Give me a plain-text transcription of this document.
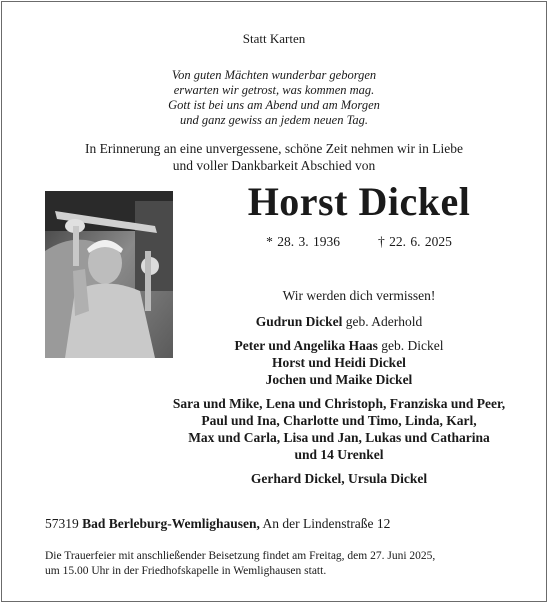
Statt Karten
Von guten Mächten wunderbar geborgen
erwarten wir getrost, was kommen mag.
Gott ist bei uns am Abend und am Morgen
und ganz gewiss an jedem neuen Tag.
In Erinnerung an eine unvergessene, schöne Zeit nehmen wir in Liebe
und voller Dankbarkeit Abschied von
Horst Dickel
* 28. 3. 1936	† 22. 6. 2025
Wir werden dich vermissen!
Gudrun Dickel geb. Aderhold
Peter und Angelika Haas geb. Dickel
Horst und Heidi Dickel
Jochen und Maike Dickel
Sara und Mike, Lena und Christoph, Franziska und Peer,
Paul und Ina, Charlotte und Timo, Linda, Karl,
Max und Carla, Lisa und Jan, Lukas und Catharina
und 14 Urenkel
Gerhard Dickel, Ursula Dickel
57319 Bad Berleburg-Wemlighausen, An der Lindenstraße 12
Die Trauerfeier mit anschließender Beisetzung findet am Freitag, dem 27. Juni 2025,
um 15.00 Uhr in der Friedhofskapelle in Wemlighausen statt.
